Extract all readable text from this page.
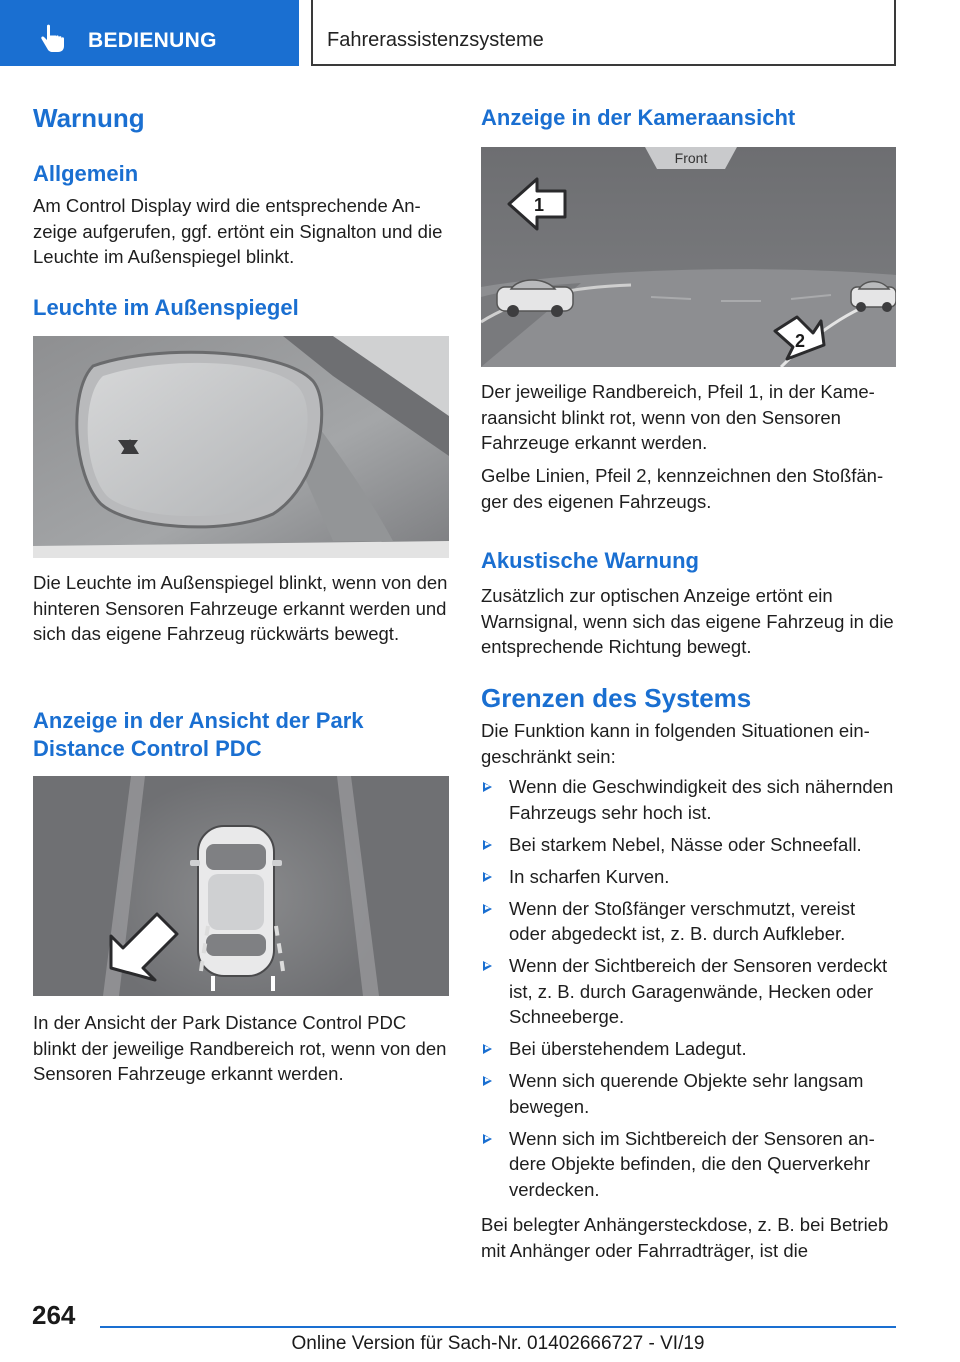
BEDIENUNG	Fahrerassistenzsysteme
Warnung
Allgemein
Am Control Display wird die entsprechende Anzeige aufgerufen, ggf. ertönt ein Signalton und die Leuchte im Außenspiegel blinkt.
Leuchte im Außenspiegel
Die Leuchte im Außenspiegel blinkt, wenn von den hinteren Sensoren Fahrzeuge erkannt werden und sich das eigene Fahrzeug rückwärts bewegt.
Anzeige in der Ansicht der Park Distance Control PDC
In der Ansicht der Park Distance Control PDC blinkt der jeweilige Randbereich rot, wenn von den Sensoren Fahrzeuge erkannt werden.
Anzeige in der Kameraansicht
Front
1
2
Der jeweilige Randbereich, Pfeil 1, in der Kameraansicht blinkt rot, wenn von den Sensoren Fahrzeuge erkannt werden.
Gelbe Linien, Pfeil 2, kennzeichnen den Stoßfänger des eigenen Fahrzeugs.
Akustische Warnung
Zusätzlich zur optischen Anzeige ertönt ein Warnsignal, wenn sich das eigene Fahrzeug in die entsprechende Richtung bewegt.
Grenzen des Systems
Die Funktion kann in folgenden Situationen eingeschränkt sein:
Wenn die Geschwindigkeit des sich nähernden Fahrzeugs sehr hoch ist.
Bei starkem Nebel, Nässe oder Schneefall.
In scharfen Kurven.
Wenn der Stoßfänger verschmutzt, vereist oder abgedeckt ist, z. B. durch Aufkleber.
Wenn der Sichtbereich der Sensoren verdeckt ist, z. B. durch Garagenwände, Hecken oder Schneeberge.
Bei überstehendem Ladegut.
Wenn sich querende Objekte sehr langsam bewegen.
Wenn sich im Sichtbereich der Sensoren andere Objekte befinden, die den Querverkehr verdecken.
Bei belegter Anhängersteckdose, z. B. bei Betrieb mit Anhänger oder Fahrradträger, ist die
264
Online Version für Sach-Nr. 01402666727 - VI/19
